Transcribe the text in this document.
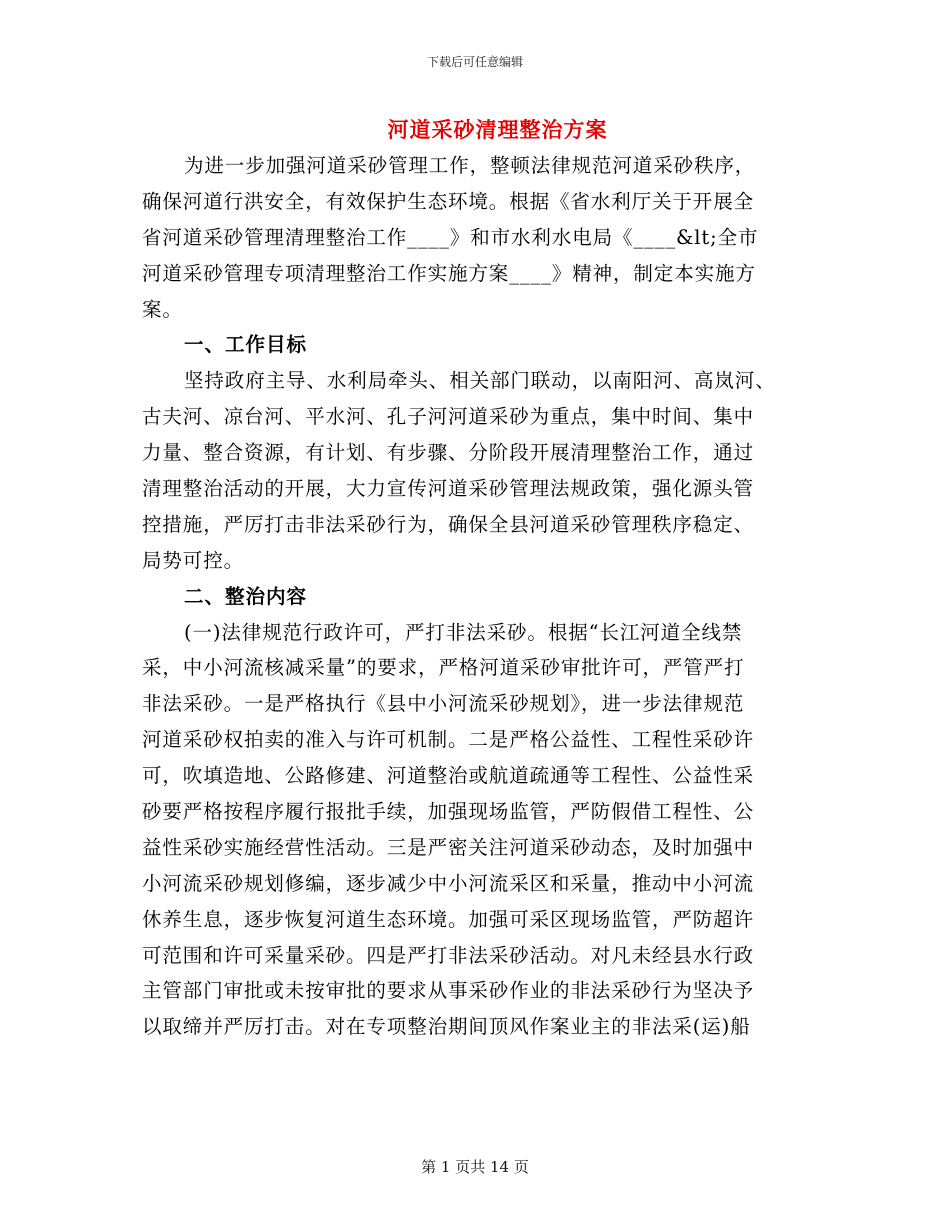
下载后可任意编辑
河道采砂清理整治方案
为进一步加强河道采砂管理工作，整顿法律规范河道采砂秩序，
确保河道行洪安全，有效保护生态环境。根据《省水利厅关于开展全
省河道采砂管理清理整治工作____》和市水利水电局《____&lt;全市
河道采砂管理专项清理整治工作实施方案____》精神，制定本实施方
案。
一、工作目标
坚持政府主导、水利局牵头、相关部门联动，以南阳河、高岚河、
古夫河、凉台河、平水河、孔子河河道采砂为重点，集中时间、集中
力量、整合资源，有计划、有步骤、分阶段开展清理整治工作，通过
清理整治活动的开展，大力宣传河道采砂管理法规政策，强化源头管
控措施，严厉打击非法采砂行为，确保全县河道采砂管理秩序稳定、
局势可控。
二、整治内容
(一)法律规范行政许可，严打非法采砂。根据“长江河道全线禁
采，中小河流核减采量”的要求，严格河道采砂审批许可，严管严打
非法采砂。一是严格执行《县中小河流采砂规划》，进一步法律规范
河道采砂权拍卖的准入与许可机制。二是严格公益性、工程性采砂许
可，吹填造地、公路修建、河道整治或航道疏通等工程性、公益性采
砂要严格按程序履行报批手续，加强现场监管，严防假借工程性、公
益性采砂实施经营性活动。三是严密关注河道采砂动态，及时加强中
小河流采砂规划修编，逐步减少中小河流采区和采量，推动中小河流
休养生息，逐步恢复河道生态环境。加强可采区现场监管，严防超许
可范围和许可采量采砂。四是严打非法采砂活动。对凡未经县水行政
主管部门审批或未按审批的要求从事采砂作业的非法采砂行为坚决予
以取缔并严厉打击。对在专项整治期间顶风作案业主的非法采(运)船
第 1 页共 14 页
